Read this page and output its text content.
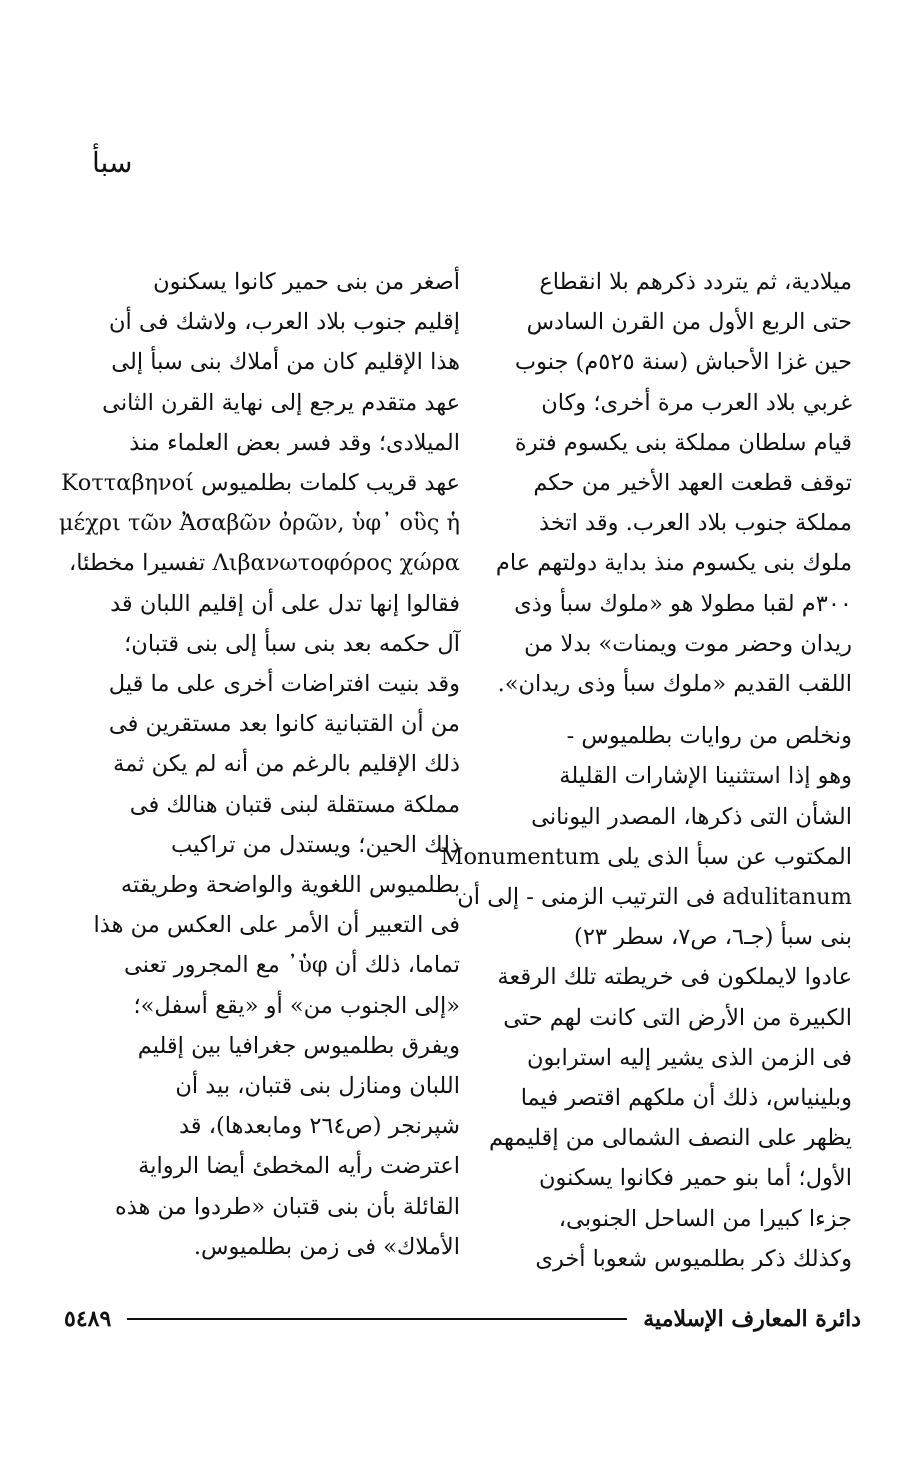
سبأ

ميلادية، ثم يتردد ذكرهم بلا انقطاع
حتى الربع الأول من القرن السادس
حين غزا الأحباش (سنة ٥٢٥م) جنوب
غربي بلاد العرب مرة أخرى؛ وكان
قيام سلطان مملكة بنى يكسوم فترة
توقف قطعت العهد الأخير من حكم
مملكة جنوب بلاد العرب. وقد اتخذ
ملوك بنى يكسوم منذ بداية دولتهم عام
٣٠٠م لقبا مطولا هو «ملوك سبأ وذى
ريدان وحضر موت ويمنات» بدلا من
اللقب القديم «ملوك سبأ وذى ريدان».

ونخلص من روايات بطلميوس -
وهو إذا استثنينا الإشارات القليلة
الشأن التى ذكرها، المصدر اليونانى
المكتوب عن سبأ الذى يلى Monumentum
adulitanum فى الترتيب الزمنى - إلى أن
بنى سبأ (جـ٦، ص٧، سطر ٢٣)
عادوا لايملكون فى خريطته تلك الرقعة
الكبيرة من الأرض التى كانت لهم حتى
فى الزمن الذى يشير إليه استرابون
وبلينياس، ذلك أن ملكهم اقتصر فيما
يظهر على النصف الشمالى من إقليمهم
الأول؛ أما بنو حمير فكانوا يسكنون
جزءا كبيرا من الساحل الجنوبى،
وكذلك ذكر بطلميوس شعوبا أخرى

أصغر من بنى حمير كانوا يسكنون
إقليم جنوب بلاد العرب، ولاشك فى أن
هذا الإقليم كان من أملاك بنى سبأ إلى
عهد متقدم يرجع إلى نهاية القرن الثانى
الميلادى؛ وقد فسر بعض العلماء منذ
عهد قريب كلمات بطلميوس Κοτταβηνοί
μέχρι τῶν Ἀσαβῶν ὀρῶν, ὑφ᾽ οὓς ἡ
Λιβανωτοφόρος χώρα تفسيرا مخطئا،
فقالوا إنها تدل على أن إقليم اللبان قد
آل حكمه بعد بنى سبأ إلى بنى قتبان؛
وقد بنيت افتراضات أخرى على ما قيل
من أن القتبانية كانوا بعد مستقرين فى
ذلك الإقليم بالرغم من أنه لم يكن ثمة
مملكة مستقلة لبنى قتبان هنالك فى
ذلك الحين؛ ويستدل من تراكيب
بطلميوس اللغوية والواضحة وطريقته
فى التعبير أن الأمر على العكس من هذا
تماما، ذلك أن ὑφ᾽ مع المجرور تعنى
«إلى الجنوب من» أو «يقع أسفل»؛
ويفرق بطلميوس جغرافيا بين إقليم
اللبان ومنازل بنى قتبان، بيد أن
شپرنجر (ص٢٦٤ ومابعدها)، قد
اعترضت رأيه المخطئ أيضا الرواية
القائلة بأن بنى قتبان «طردوا من هذه
الأملاك» فى زمن بطلميوس.

دائرة المعارف الإسلامية
٥٤٨٩
